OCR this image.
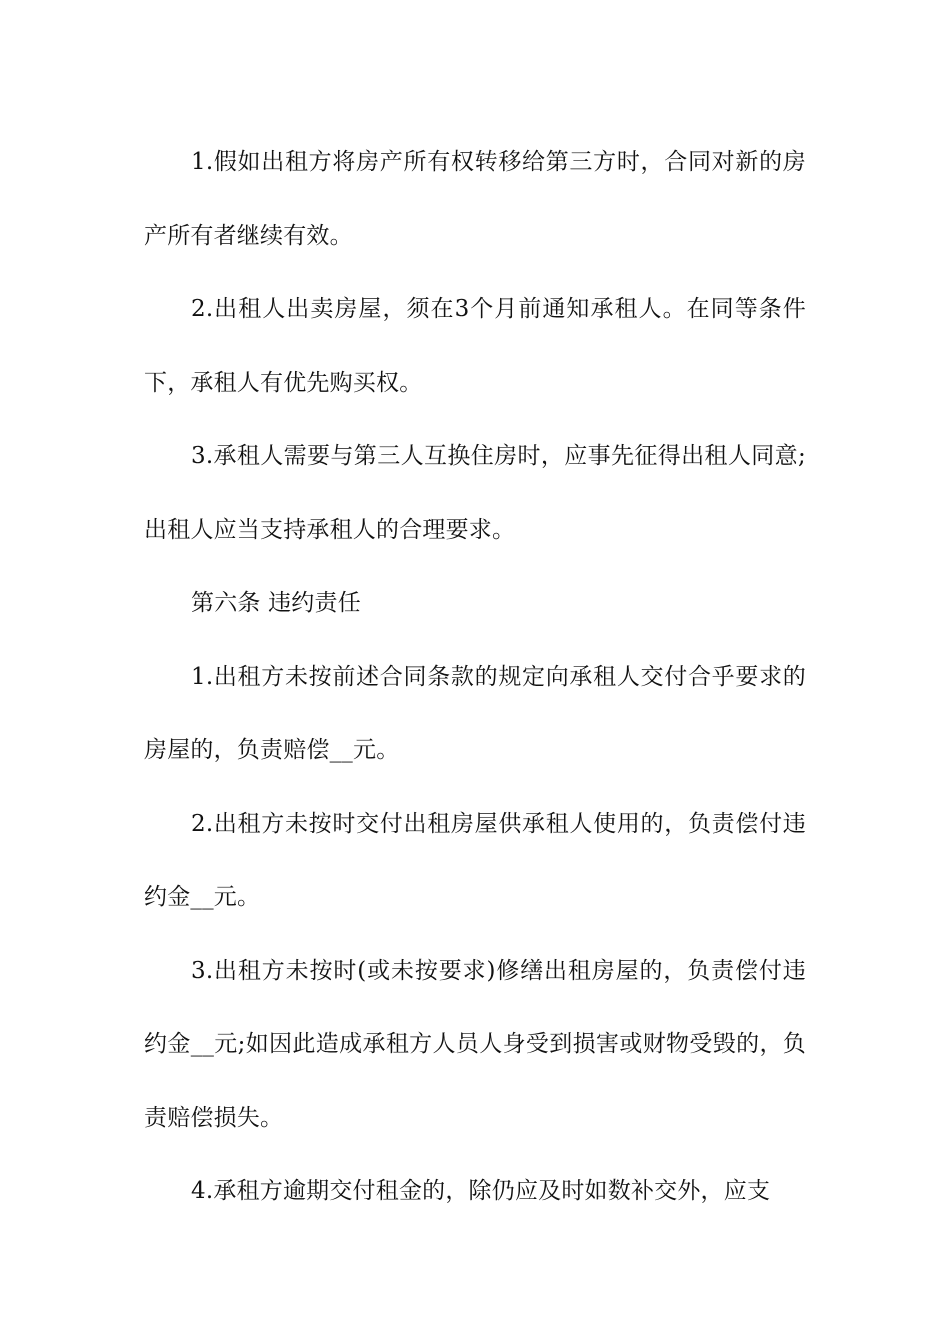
1.假如出租方将房产所有权转移给第三方时，合同对新的房产所有者继续有效。

2.出租人出卖房屋，须在3个月前通知承租人。在同等条件下，承租人有优先购买权。

3.承租人需要与第三人互换住房时，应事先征得出租人同意;出租人应当支持承租人的合理要求。

第六条 违约责任

1.出租方未按前述合同条款的规定向承租人交付合乎要求的房屋的，负责赔偿__元。

2.出租方未按时交付出租房屋供承租人使用的，负责偿付违约金__元。

3.出租方未按时(或未按要求)修缮出租房屋的，负责偿付违约金__元;如因此造成承租方人员人身受到损害或财物受毁的，负责赔偿损失。

4.承租方逾期交付租金的，除仍应及时如数补交外，应支
